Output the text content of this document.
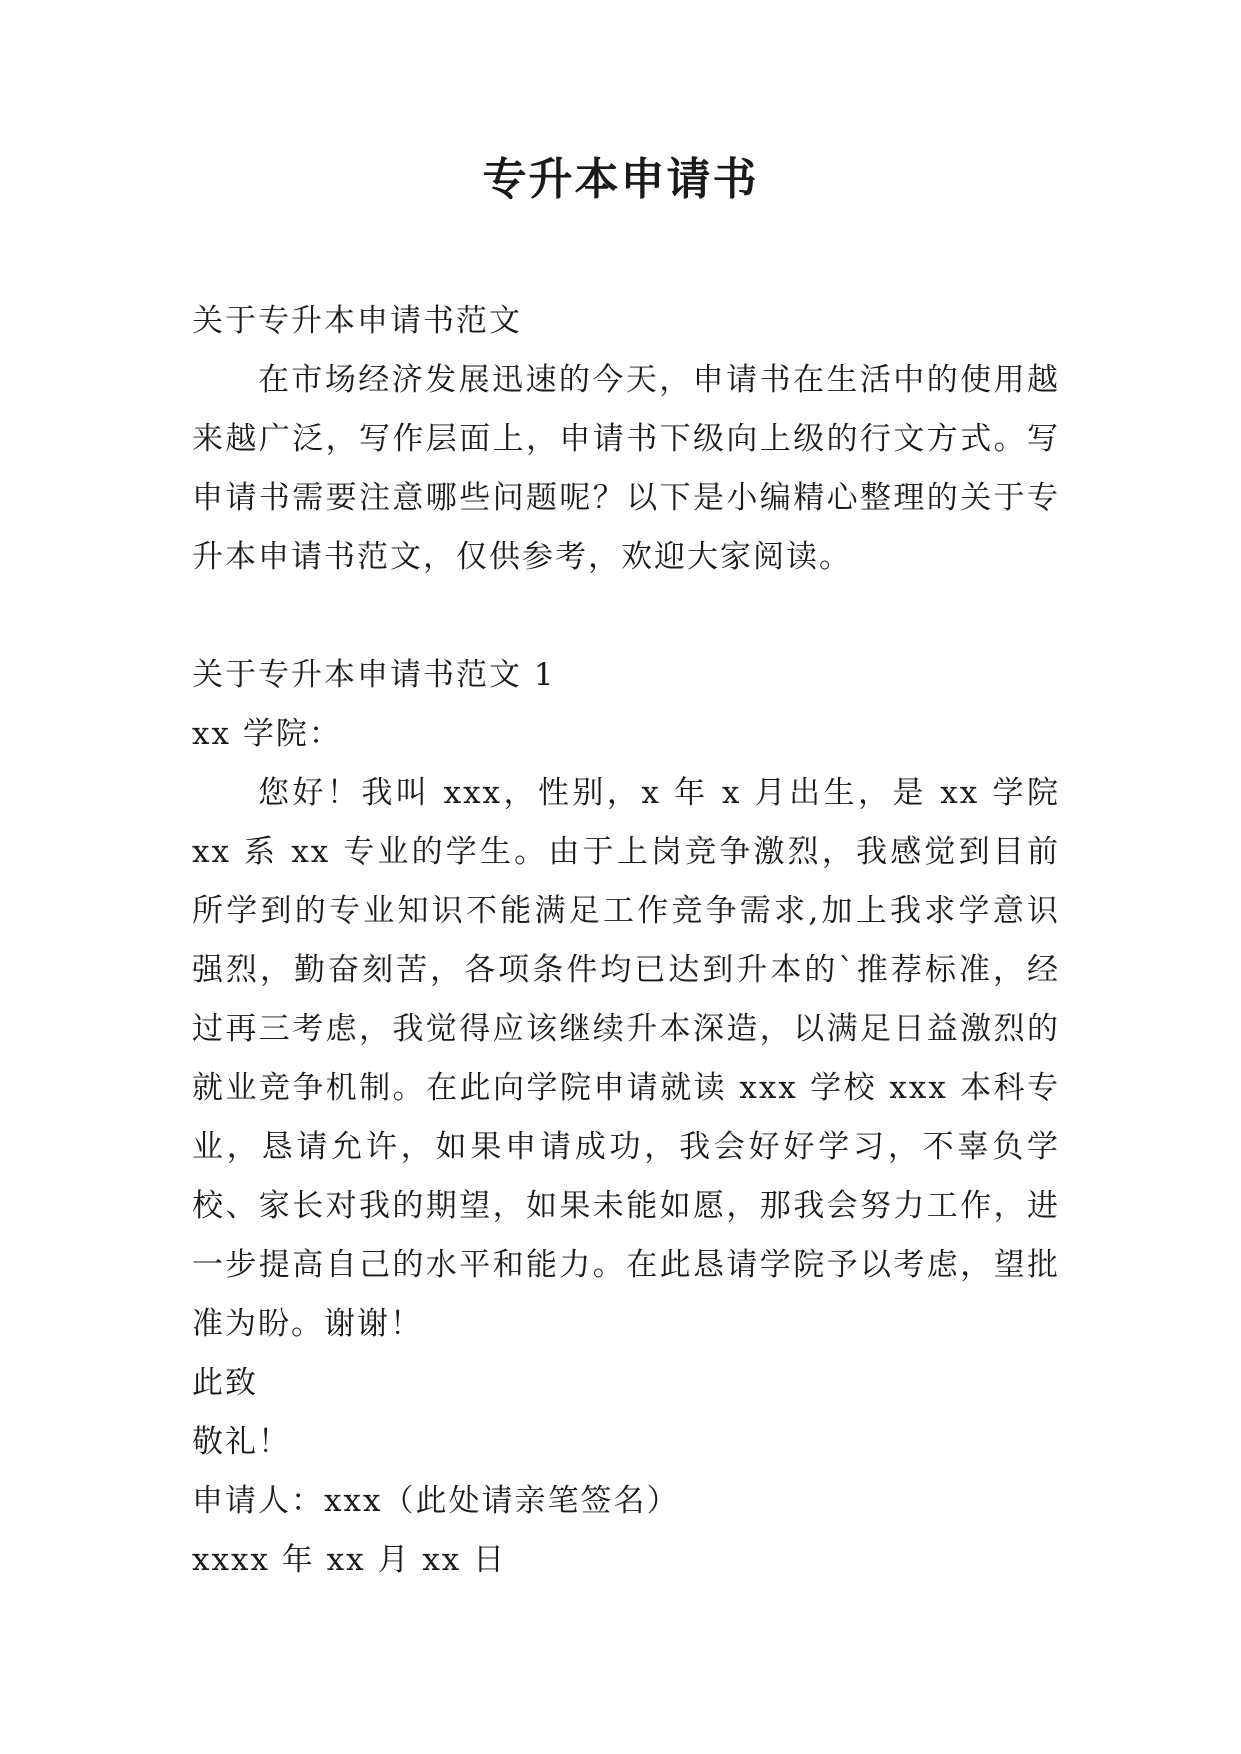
专升本申请书

关于专升本申请书范文

在市场经济发展迅速的今天，申请书在生活中的使用越来越广泛，写作层面上，申请书下级向上级的行文方式。写申请书需要注意哪些问题呢？以下是小编精心整理的关于专升本申请书范文，仅供参考，欢迎大家阅读。

关于专升本申请书范文 1

xx 学院：

您好！我叫 xxx，性别，x 年 x 月出生，是 xx 学院 xx 系 xx 专业的学生。由于上岗竞争激烈，我感觉到目前所学到的专业知识不能满足工作竞争需求,加上我求学意识强烈，勤奋刻苦，各项条件均已达到升本的`推荐标准，经过再三考虑，我觉得应该继续升本深造，以满足日益激烈的就业竞争机制。在此向学院申请就读 xxx 学校 xxx 本科专业，恳请允许，如果申请成功，我会好好学习，不辜负学校、家长对我的期望，如果未能如愿，那我会努力工作，进一步提高自己的水平和能力。在此恳请学院予以考虑，望批准为盼。谢谢！

此致

敬礼！

申请人：xxx（此处请亲笔签名）

xxxx 年 xx 月 xx 日
